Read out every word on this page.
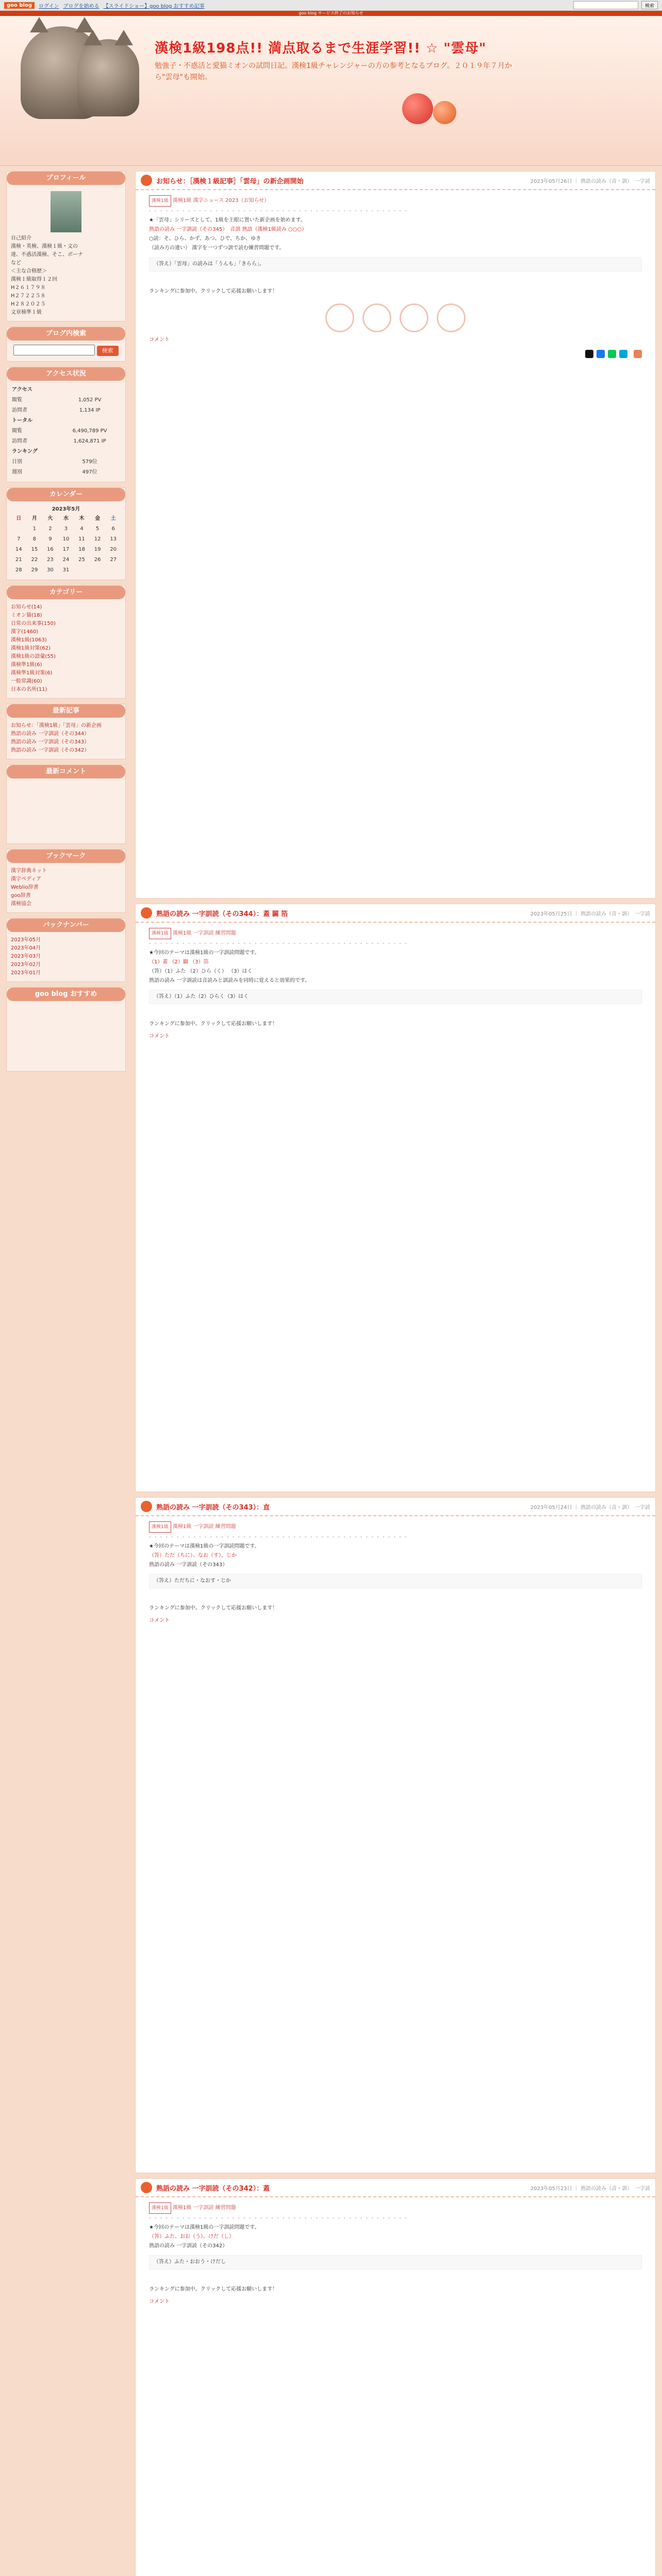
goo blog	ログイン ブログを始める 【スライドショー】goo blog おすすめ記事	検索
goo blog サービス終了のお知らせ
漢検1級198点!! 満点取るまで生涯学習!! ☆ "雲母"
勉強子・不惑活と愛猫ミオンの試問日記。漢検1級チャレンジャーの方の参考となるブログ。２０１９年７月から"雲母"も開始。
プロフィール
自己紹介
漢検・英検、漢検１級・文の
達、不惑活漢検、そこ、ボーナ
など
＜主な合格歴＞
漢検１級取得１２回
H２６１７９８
H２７２２５８
H２８２０２５
文章検準１級
ブログ内検索
検索
アクセス状況
アクセス	
閲覧	1,052 PV
訪問者	1,134 IP
トータル	
閲覧	6,490,789 PV
訪問者	1,624,871 IP
ランキング	
日別	579位
週別	497位
カレンダー
2023年5月
日	月	火	水	木	金	土
	1	2	3	4	5	6
7	8	9	10	11	12	13
14	15	16	17	18	19	20
21	22	23	24	25	26	27
28	29	30	31			
カテゴリー
お知らせ(14)
ミオン猫(18)
日常の出来事(150)
漢字(1460)
漢検1級(1063)
漢検1級対策(62)
漢検1級の語彙(55)
漢検準1級(6)
漢検準1級対策(6)
一般常識(60)
日本の名所(11)
最新記事
お知らせ：「漢検1級」「雲母」の新企画
熟語の読み 一字訓読（その344）
熟語の読み 一字訓読（その343）
熟語の読み 一字訓読（その342）
最新コメント
ブックマーク
漢字辞典ネット
漢字ペディア
Weblio辞書
goo辞書
漢検協会
バックナンバー
2023年05月
2023年04月
2023年03月
2023年02月
2023年01月
goo blog おすすめ
お知らせ：［漢検１級記事］「雲母」の新企画開始	2023年05月26日 ｜ 熟語の読み（音・訓）　一字読
漢検1級 漢検1級 漢字ニュース 2023（お知らせ）
- - - - - - - - - - - - - - - - - - - - - - - - - - - - - - - - - - - - - - - - - - - - - - -
★「雲母」シリーズとして、1級を主眼に置いた新企画を始めます。
熟語の読み 一字訓読（その345）　音訓 熟語（漢検1級読み ○○○）
○読：そ、ひら、かず、あつ、ひで、ちか、ゆき
（読み方の違い） 漢字を一つずつ訓で読む練習問題です。
（答え）「雲母」の読みは「うんも」「きらら」。
ランキングに参加中。クリックして応援お願いします！
コメント
熟語の読み 一字訓読（その344）：蓋 闢 箔	2023年05月25日 ｜ 熟語の読み（音・訓）　一字読
漢検1級 漢検1級 一字訓読 練習問題
- - - - - - - - - - - - - - - - - - - - - - - - - - - - - - - - - - - - - - - - - - - - - - -
★今回のテーマは漢検1級の一字訓読問題です。
（1）蓋 （2）闢 （3）箔
（答）（1）ふた （2）ひら（く） （3）はく
熟語の読み 一字訓読は音読みと訓読みを同時に覚えると効果的です。
（答え）（1）ふた（2）ひらく（3）はく
ランキングに参加中。クリックして応援お願いします！
コメント
熟語の読み 一字訓読（その343）：直	2023年05月24日 ｜ 熟語の読み（音・訓）　一字読
漢検1級 漢検1級 一字訓読 練習問題
- - - - - - - - - - - - - - - - - - - - - - - - - - - - - - - - - - - - - - - - - - - - - - -
★今回のテーマは漢検1級の一字訓読問題です。
（答）ただ（ちに）、なお（す）、じか
熟語の読み 一字訓読（その343）
（答え）ただちに・なおす・じか
ランキングに参加中。クリックして応援お願いします！
コメント
熟語の読み 一字訓読（その342）：蓋	2023年05月23日 ｜ 熟語の読み（音・訓）　一字読
漢検1級 漢検1級 一字訓読 練習問題
- - - - - - - - - - - - - - - - - - - - - - - - - - - - - - - - - - - - - - - - - - - - - - -
★今回のテーマは漢検1級の一字訓読問題です。
（答）ふた、おお（う）、けだ（し）
熟語の読み 一字訓読（その342）
（答え）ふた・おおう・けだし
ランキングに参加中。クリックして応援お願いします！
コメント
